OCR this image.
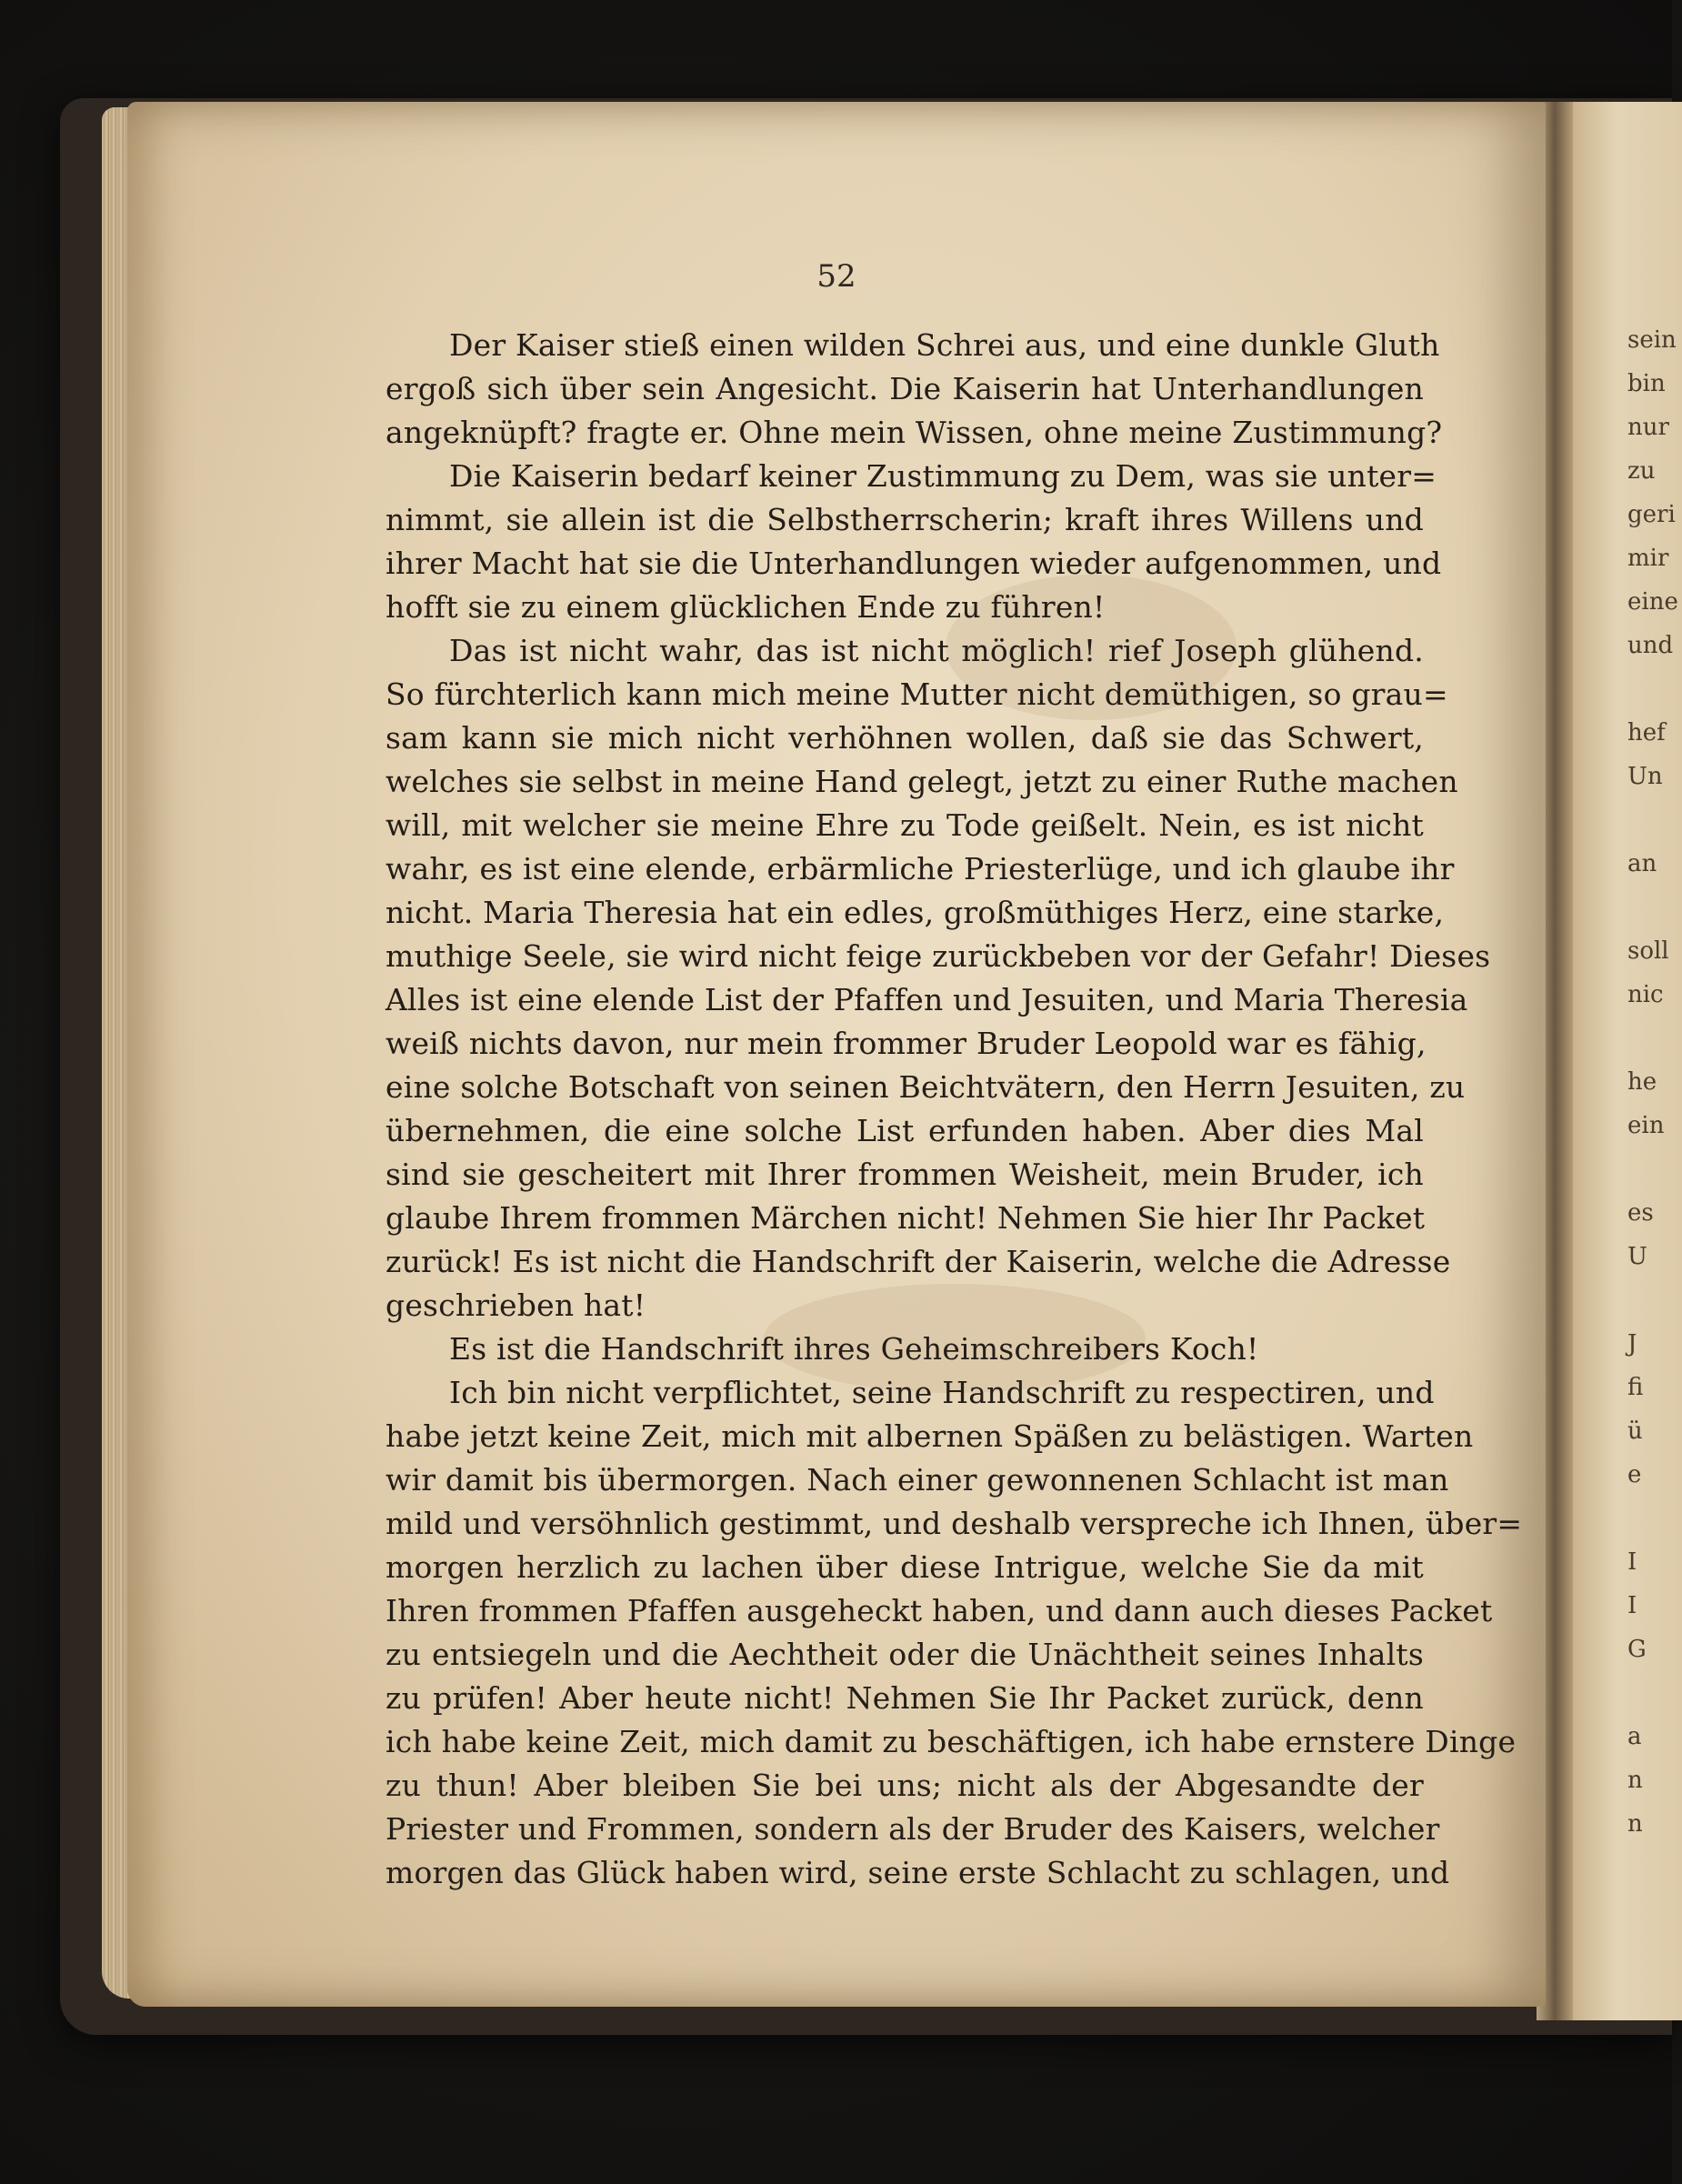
52
Der Kaiser stieß einen wilden Schrei aus, und eine dunkle Gluth
ergoß sich über sein Angesicht. Die Kaiserin hat Unterhandlungen
angeknüpft? fragte er. Ohne mein Wissen, ohne meine Zustimmung?
Die Kaiserin bedarf keiner Zustimmung zu Dem, was sie unter=
nimmt, sie allein ist die Selbstherrscherin; kraft ihres Willens und
ihrer Macht hat sie die Unterhandlungen wieder aufgenommen, und
hofft sie zu einem glücklichen Ende zu führen!
Das ist nicht wahr, das ist nicht möglich! rief Joseph glühend.
So fürchterlich kann mich meine Mutter nicht demüthigen, so grau=
sam kann sie mich nicht verhöhnen wollen, daß sie das Schwert,
welches sie selbst in meine Hand gelegt, jetzt zu einer Ruthe machen
will, mit welcher sie meine Ehre zu Tode geißelt. Nein, es ist nicht
wahr, es ist eine elende, erbärmliche Priesterlüge, und ich glaube ihr
nicht. Maria Theresia hat ein edles, großmüthiges Herz, eine starke,
muthige Seele, sie wird nicht feige zurückbeben vor der Gefahr! Dieses
Alles ist eine elende List der Pfaffen und Jesuiten, und Maria Theresia
weiß nichts davon, nur mein frommer Bruder Leopold war es fähig,
eine solche Botschaft von seinen Beichtvätern, den Herrn Jesuiten, zu
übernehmen, die eine solche List erfunden haben. Aber dies Mal
sind sie gescheitert mit Ihrer frommen Weisheit, mein Bruder, ich
glaube Ihrem frommen Märchen nicht! Nehmen Sie hier Ihr Packet
zurück! Es ist nicht die Handschrift der Kaiserin, welche die Adresse
geschrieben hat!
Es ist die Handschrift ihres Geheimschreibers Koch!
Ich bin nicht verpflichtet, seine Handschrift zu respectiren, und
habe jetzt keine Zeit, mich mit albernen Späßen zu belästigen. Warten
wir damit bis übermorgen. Nach einer gewonnenen Schlacht ist man
mild und versöhnlich gestimmt, und deshalb verspreche ich Ihnen, über=
morgen herzlich zu lachen über diese Intrigue, welche Sie da mit
Ihren frommen Pfaffen ausgeheckt haben, und dann auch dieses Packet
zu entsiegeln und die Aechtheit oder die Unächtheit seines Inhalts
zu prüfen! Aber heute nicht! Nehmen Sie Ihr Packet zurück, denn
ich habe keine Zeit, mich damit zu beschäftigen, ich habe ernstere Dinge
zu thun! Aber bleiben Sie bei uns; nicht als der Abgesandte der
Priester und Frommen, sondern als der Bruder des Kaisers, welcher
morgen das Glück haben wird, seine erste Schlacht zu schlagen, und
sein
bin
nur
zu
geri
mir
eine
und
hef
Un
an
soll
nic
he
ein
es
U
J
fi
ü
e
I
I
G
a
n
n
